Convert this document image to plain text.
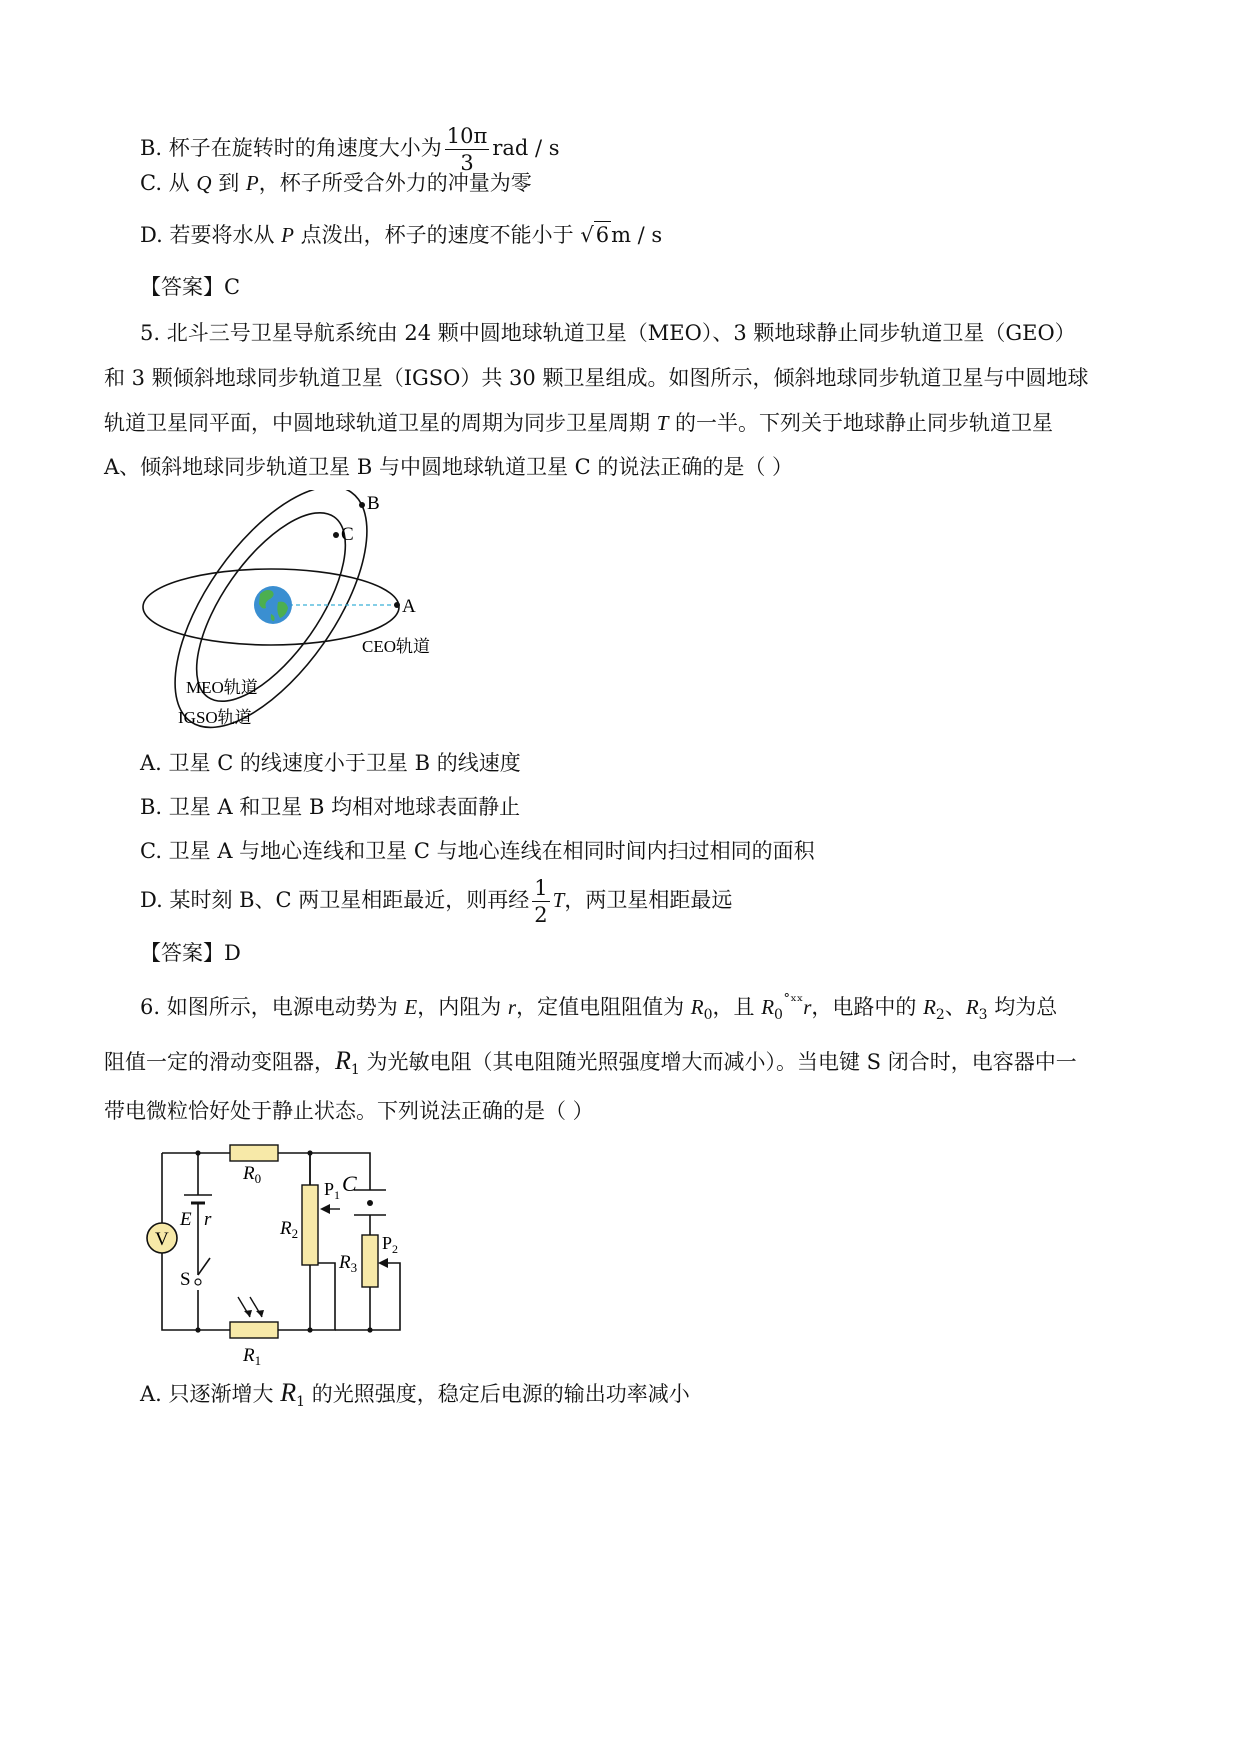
B. 杯子在旋转时的角速度大小为 $\frac{10\pi}{3}$ rad / s
C. 从 Q 到 P，杯子所受合外力的冲量为零
D. 若要将水从 P 点泼出，杯子的速度不能小于 √6m / s
【答案】C
5. 北斗三号卫星导航系统由 24 颗中圆地球轨道卫星（MEO）、3 颗地球静止同步轨道卫星（GEO）
和 3 颗倾斜地球同步轨道卫星（IGSO）共 30 颗卫星组成。如图所示，倾斜地球同步轨道卫星与中圆地球
轨道卫星同平面，中圆地球轨道卫星的周期为同步卫星周期 T 的一半。下列关于地球静止同步轨道卫星
A、倾斜地球同步轨道卫星 B 与中圆地球轨道卫星 C 的说法正确的是（ ）
B
C
A
CEO轨道
MEO轨道
IGSO轨道
A. 卫星 C 的线速度小于卫星 B 的线速度
B. 卫星 A 和卫星 B 均相对地球表面静止
C. 卫星 A 与地心连线和卫星 C 与地心连线在相同时间内扫过相同的面积
D. 某时刻 B、C 两卫星相距最近，则再经 $\frac{1}{2}$ T，两卫星相距最远
【答案】D
6. 如图所示，电源电动势为 E，内阻为 r，定值电阻阻值为 $R_0$，且 $R_0^{˚ˣˣ}r$，电路中的 $R_2$、$R_3$ 均为总
阻值一定的滑动变阻器，$R_1$ 为光敏电阻（其电阻随光照强度增大而减小）。当电键 S 闭合时，电容器中一
带电微粒恰好处于静止状态。下列说法正确的是（ ）
V
$R_0$
$R_1$
$R_2$
$R_3$
C
$P_1$
$P_2$
E r
S
A. 只逐渐增大 $R_1$ 的光照强度，稳定后电源的输出功率减小
